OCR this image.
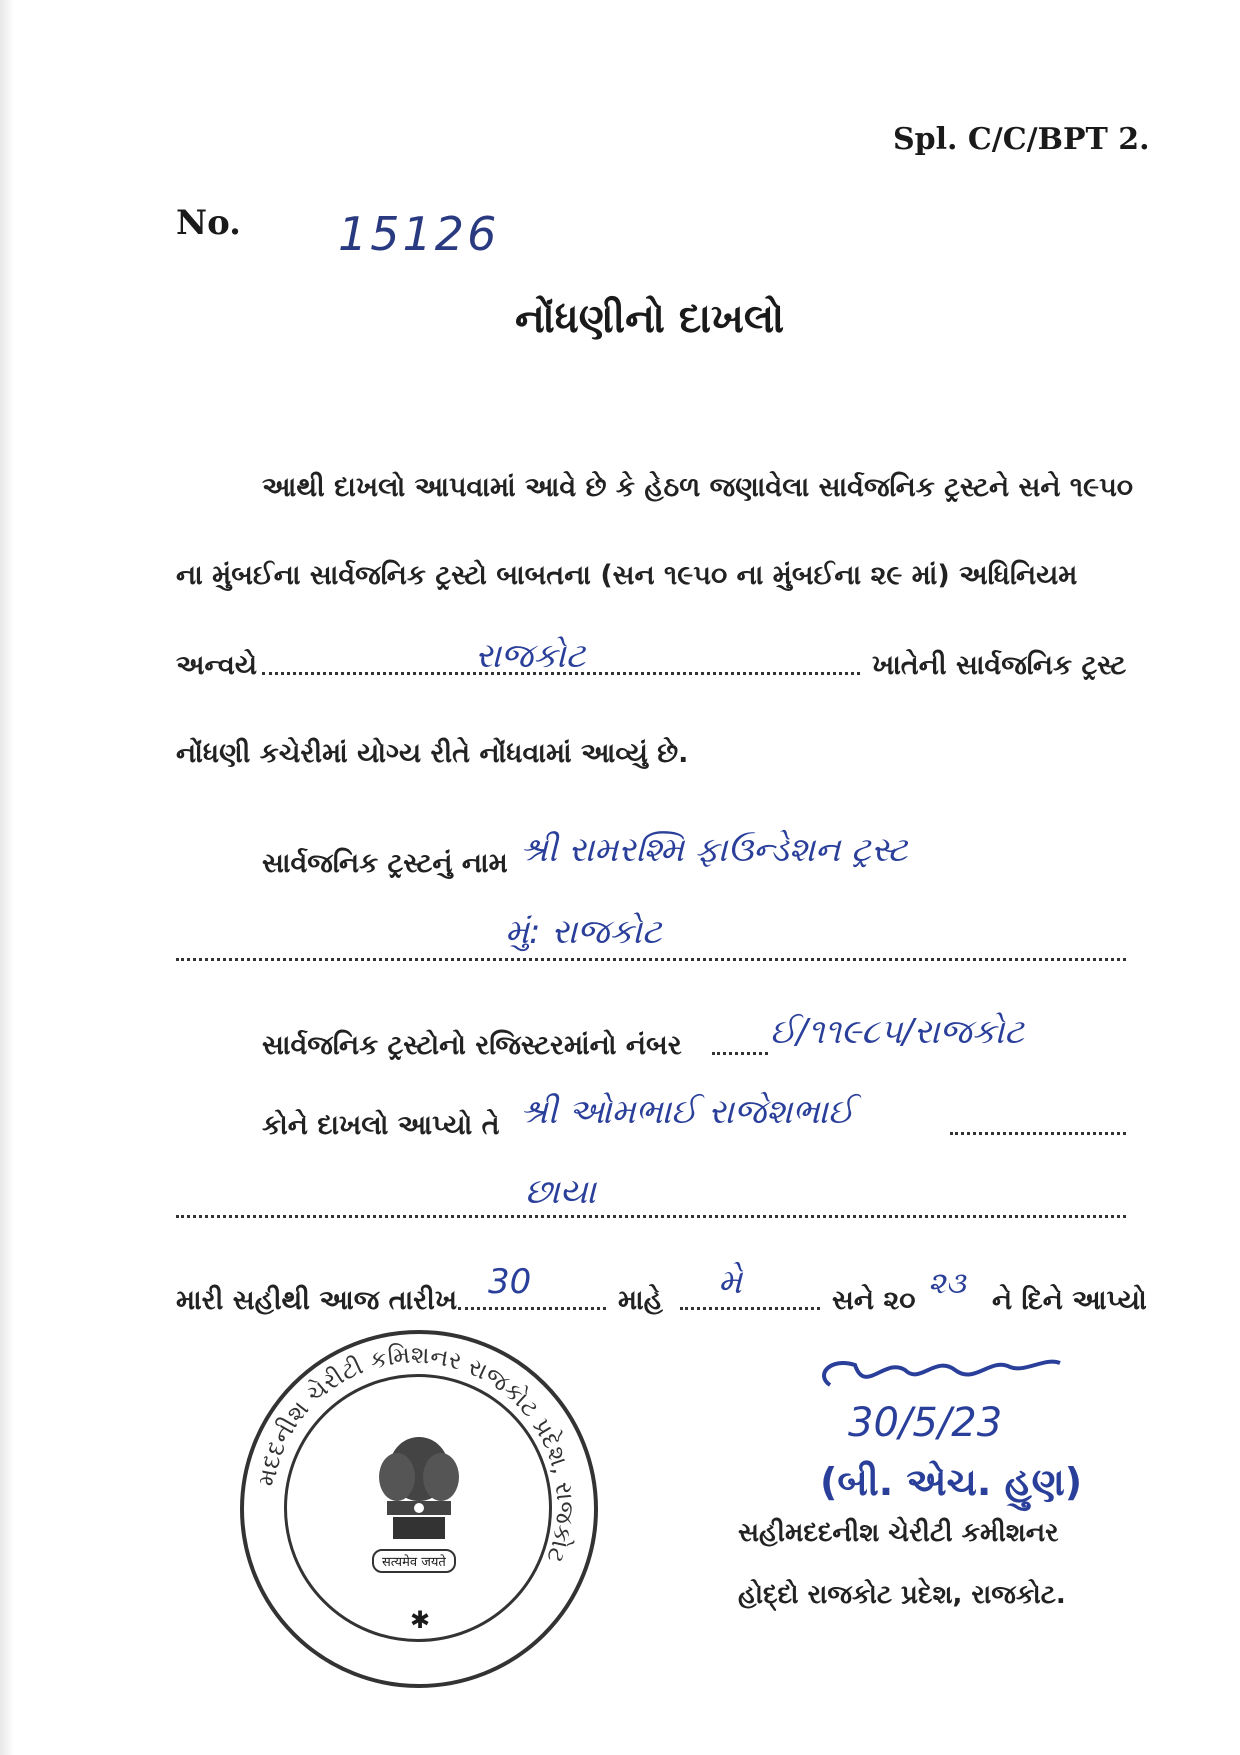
Spl. C/C/BPT 2.
No. 15126
નોંધણીનો દાખલો
આથી દાખલો આપવામાં આવે છે કે હેઠળ જણાવેલા સાર્વજનિક ટ્રસ્ટને સને ૧૯૫૦
ના મુંબઈના સાર્વજનિક ટ્રસ્ટો બાબતના (સન ૧૯૫૦ ના મુંબઈના ૨૯ માં) અધિનિયમ
અન્વયે	રાજકોટ	ખાતેની સાર્વજનિક ટ્રસ્ટ
નોંધણી કચેરીમાં યોગ્ય રીતે નોંધવામાં આવ્યું છે.
સાર્વજનિક ટ્રસ્ટનું નામ શ્રી રામરશ્મિ ફાઉન્ડેશન ટ્રસ્ટ
મું: રાજકોટ
સાર્વજનિક ટ્રસ્ટોનો રજિસ્ટરમાંનો નંબર	ઈ/૧૧૯૮૫/રાજકોટ
કોને દાખલો આપ્યો તે શ્રી ઓમભાઈ રાજેશભાઈ
છાયા
મારી સહીથી આજ તારીખ 30	માહે મે	સને ૨૦ ૨૩ ને દિને આપ્યો
મદદનીશ ચેરીટી કમિશનર રાજકોટ પ્રદેશ, રાજકોટ
सत्यमेव जयते
✱
30/5/23
(બી. એચ. હુણ)
સહીમદદનીશ ચેરીટી કમીશનર
હોદ્દો રાજકોટ પ્રદેશ, રાજકોટ.
